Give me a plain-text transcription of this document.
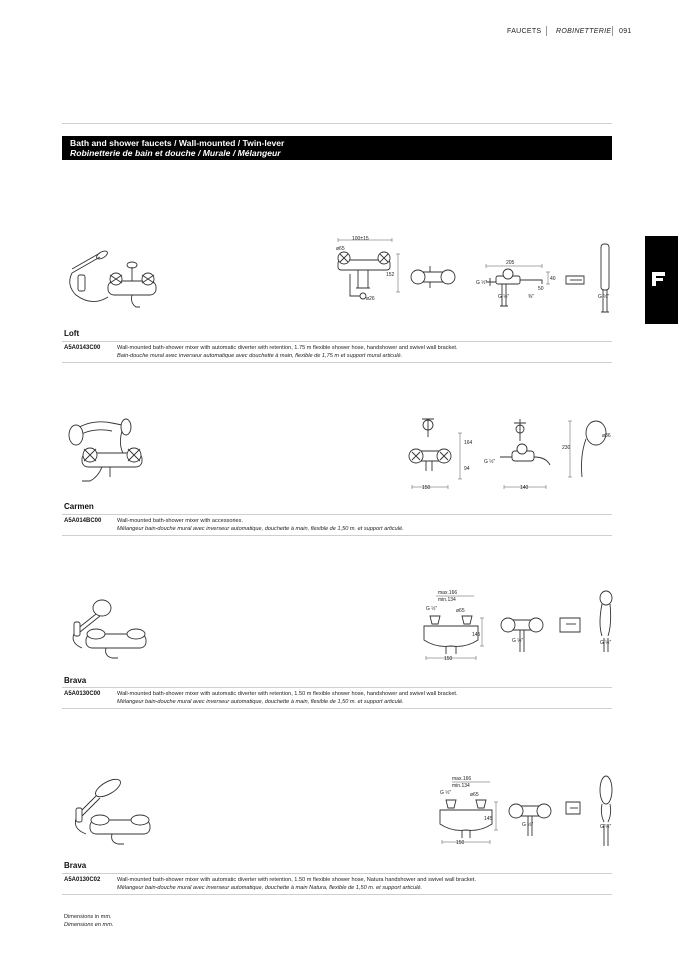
FAUCETS ROBINETTERIE 091
Bath and shower faucets / Wall-mounted / Twin-lever
Robinetterie de bain et douche / Murale / Mélangeur
100±15
ø65
152
ø26
205
40
50
G ½"
G ½"	⅜"	G ½"
Loft
A5A0143C00	Wall-mounted bath-shower mixer with automatic diverter with retention, 1.75 m flexible shower hose, handshower and swivel wall bracket.
Bain-douche mural avec inverseur automatique avec douchette à main, flexible de 1,75 m et support mural articulé.
164
94
150
G ½"
140
230
ø86
Carmen
A5A014BC00	Wall-mounted bath-shower mixer with accessories.
Mélangeur bain-douche mural avec inverseur automatique, douchette à main, flexible de 1,50 m. et support articulé.
max.166
min.134
G ½"	ø65
145
150
G ½"	G ½"
Brava
A5A0130C00	Wall-mounted bath-shower mixer with automatic diverter with retention, 1.50 m flexible shower hose, handshower and swivel wall bracket.
Mélangeur bain-douche mural avec inverseur automatique, douchette à main, flexible de 1,50 m. et support articulé.
max.166
min.134
G ½"	ø65
145
150
G ½"	G ½"
Brava
A5A0130C02	Wall-mounted bath-shower mixer with automatic diverter with retention, 1.50 m flexible shower hose, Natura handshower and swivel wall bracket.
Mélangeur bain-douche mural avec inverseur automatique, douchette à main Natura, flexible de 1,50 m. et support articulé.
Dimensions in mm.
Dimensions en mm.
